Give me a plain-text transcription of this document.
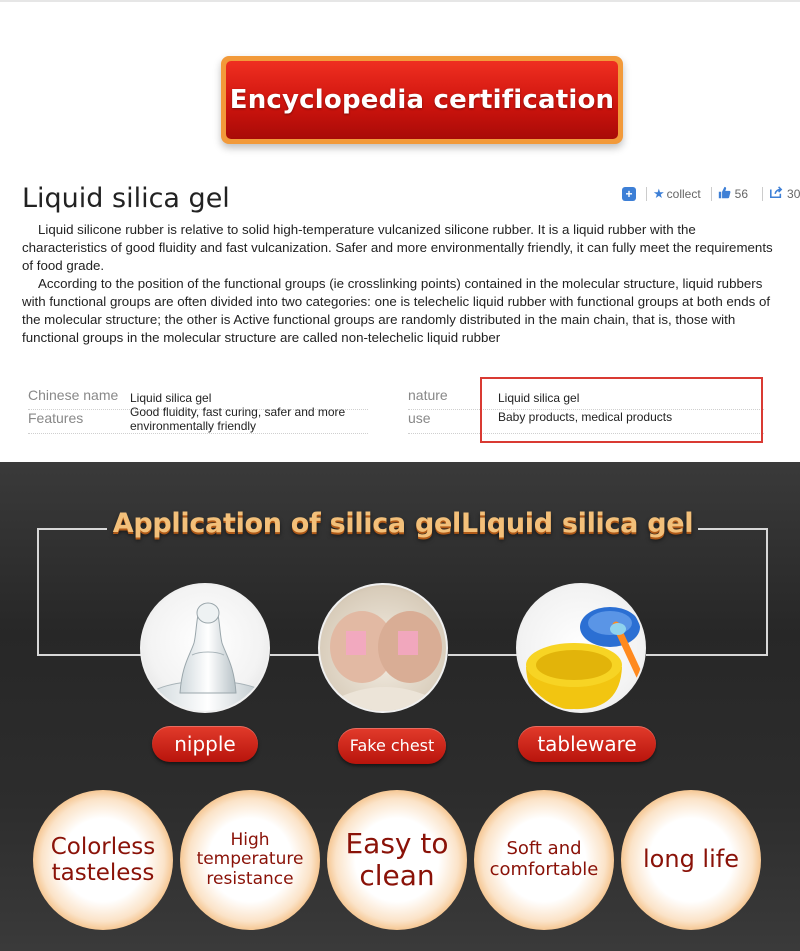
Encyclopedia certification
Liquid silica gel	+ ★ collect	56	30

Liquid silicone rubber is relative to solid high-temperature vulcanized silicone rubber. It is a liquid rubber with the characteristics of good fluidity and fast vulcanization. Safer and more environmentally friendly, it can fully meet the requirements of food grade.

According to the position of the functional groups (ie crosslinking points) contained in the molecular structure, liquid rubbers with functional groups are often divided into two categories: one is telechelic liquid rubber with functional groups at both ends of the molecular structure; the other is Active functional groups are randomly distributed in the main chain, that is, those with functional groups in the molecular structure are called non-telechelic liquid rubber

Chinese name Liquid silica gel
Features	Good fluidity, fast curing, safer and more environmentally friendly
nature	Liquid silica gel
use	Baby products, medical products
Application of silica gelLiquid silica gel
nipple	Fake chest	tableware
Colorless tasteless
High temperature resistance
Easy to clean
Soft and comfortable	long life
